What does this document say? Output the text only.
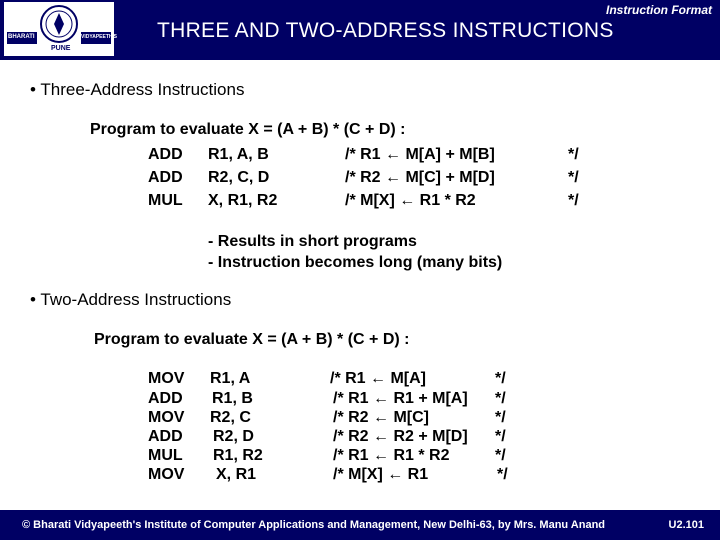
BHARATI	VIDYAPEETH'S
PUNE
Instruction Format
THREE AND TWO-ADDRESS INSTRUCTIONS
• Three-Address Instructions
Program to evaluate X = (A + B) * (C + D) :
ADD R1, A, B	/* R1 ← M[A] + M[B]	*/
ADD R2, C, D	/* R2 ← M[C] + M[D]	*/
MUL X, R1, R2	/* M[X] ← R1 * R2	*/
- Results in short programs
- Instruction becomes long (many bits)
• Two-Address Instructions
Program to evaluate X = (A + B) * (C + D) :
MOV R1, A	/* R1 ← M[A]	*/
ADD R1, B	/* R1 ← R1 + M[A] */
MOV R2, C	/* R2 ← M[C]	*/
ADD R2, D	/* R2 ← R2 + M[D] */
MUL R1, R2	/* R1 ← R1 * R2	*/
MOV X, R1	/* M[X] ← R1	*/
© Bharati Vidyapeeth's Institute of Computer Applications and Management, New Delhi-63, by Mrs. Manu Anand	U2.101
